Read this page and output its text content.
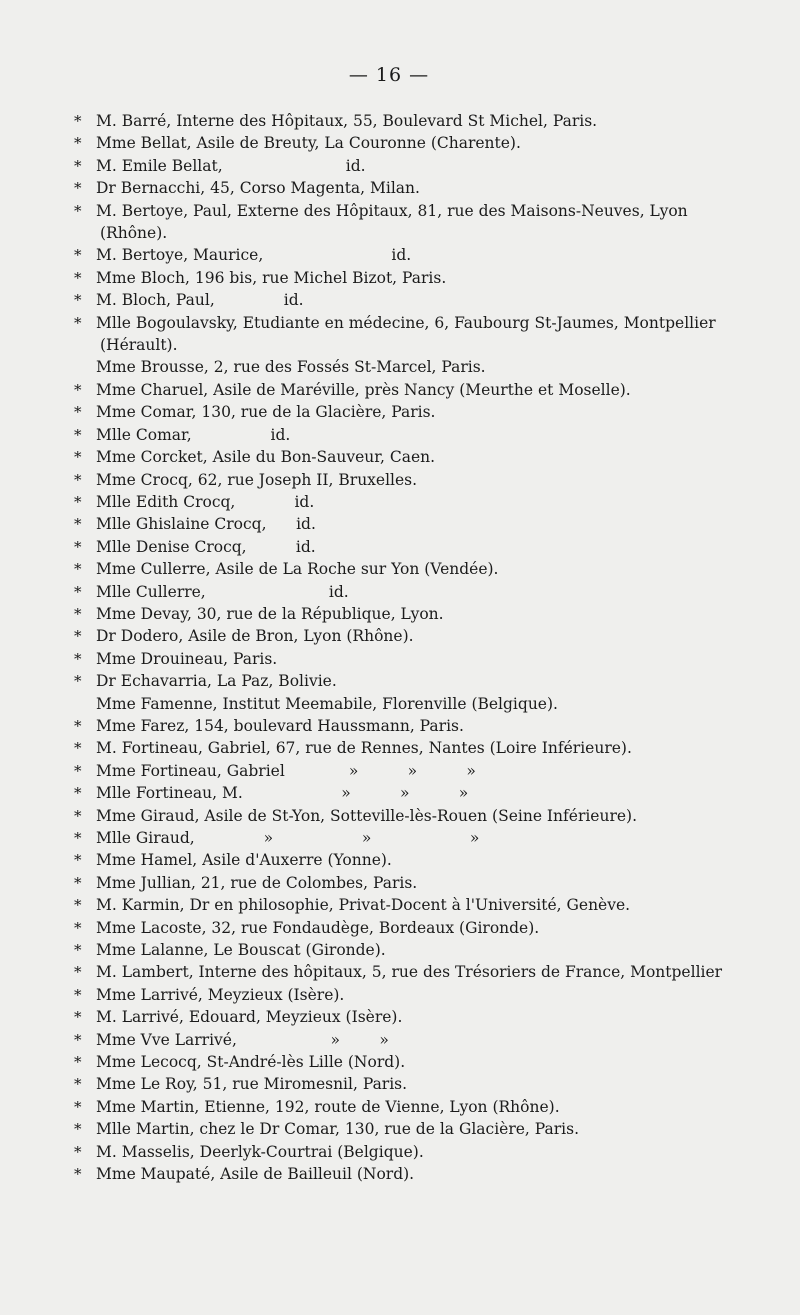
— 16 —
* M. Barré, Interne des Hôpitaux, 55, Boulevard St Michel, Paris.
* Mme Bellat, Asile de Breuty, La Couronne (Charente).
* M. Emile Bellat,                         id.
* Dr Bernacchi, 45, Corso Magenta, Milan.
* M. Bertoye, Paul, Externe des Hôpitaux, 81, rue des Maisons-Neuves, Lyon
(Rhône).
* M. Bertoye, Maurice,                          id.
* Mme Bloch, 196 bis, rue Michel Bizot, Paris.
* M. Bloch, Paul,              id.
* Mlle Bogoulavsky, Etudiante en médecine, 6, Faubourg St-Jaumes, Montpellier
(Hérault).
Mme Brousse, 2, rue des Fossés St-Marcel, Paris.
* Mme Charuel, Asile de Maréville, près Nancy (Meurthe et Moselle).
* Mme Comar, 130, rue de la Glacière, Paris.
* Mlle Comar,                id.
* Mme Corcket, Asile du Bon-Sauveur, Caen.
* Mme Crocq, 62, rue Joseph II, Bruxelles.
* Mlle Edith Crocq,            id.
* Mlle Ghislaine Crocq,      id.
* Mlle Denise Crocq,          id.
* Mme Cullerre, Asile de La Roche sur Yon (Vendée).
* Mlle Cullerre,                         id.
* Mme Devay, 30, rue de la République, Lyon.
* Dr Dodero, Asile de Bron, Lyon (Rhône).
* Mme Drouineau, Paris.
* Dr Echavarria, La Paz, Bolivie.
Mme Famenne, Institut Meemabile, Florenville (Belgique).
* Mme Farez, 154, boulevard Haussmann, Paris.
* M. Fortineau, Gabriel, 67, rue de Rennes, Nantes (Loire Inférieure).
* Mme Fortineau, Gabriel             »          »          »
* Mlle Fortineau, M.                    »          »          »
* Mme Giraud, Asile de St-Yon, Sotteville-lès-Rouen (Seine Inférieure).
* Mlle Giraud,              »                  »                    »
* Mme Hamel, Asile d'Auxerre (Yonne).
* Mme Jullian, 21, rue de Colombes, Paris.
* M. Karmin, Dr en philosophie, Privat-Docent à l'Université, Genève.
* Mme Lacoste, 32, rue Fondaudège, Bordeaux (Gironde).
* Mme Lalanne, Le Bouscat (Gironde).
* M. Lambert, Interne des hôpitaux, 5, rue des Trésoriers de France, Montpellier
* Mme Larrivé, Meyzieux (Isère).
* M. Larrivé, Edouard, Meyzieux (Isère).
* Mme Vve Larrivé,                   »        »
* Mme Lecocq, St-André-lès Lille (Nord).
* Mme Le Roy, 51, rue Miromesnil, Paris.
* Mme Martin, Etienne, 192, route de Vienne, Lyon (Rhône).
* Mlle Martin, chez le Dr Comar, 130, rue de la Glacière, Paris.
* M. Masselis, Deerlyk-Courtrai (Belgique).
* Mme Maupaté, Asile de Bailleuil (Nord).
